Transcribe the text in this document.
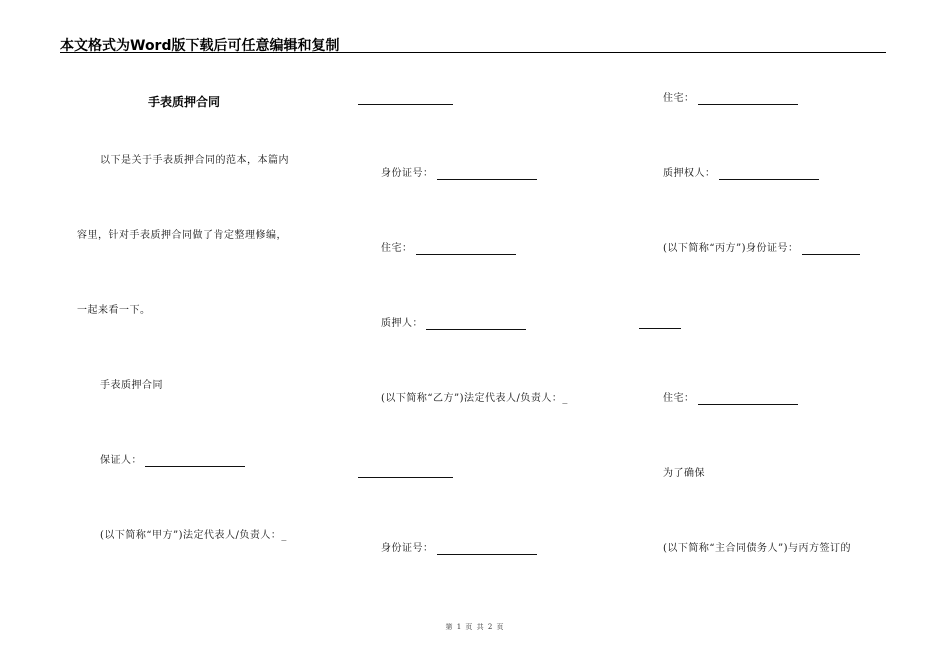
本文格式为Word版下载后可任意编辑和复制
手表质押合同
以下是关于手表质押合同的范本，本篇内
容里，针对手表质押合同做了肯定整理修编，
一起来看一下。
手表质押合同
保证人：
(以下简称“甲方”)法定代表人/负责人：_
身份证号：
住宅：
质押人：
(以下简称“乙方”)法定代表人/负责人：_
身份证号：
住宅：
质押权人：
(以下简称“丙方”)身份证号：
住宅：
为了确保
(以下简称“主合同债务人”)与丙方签订的
第 1 页 共 2 页
